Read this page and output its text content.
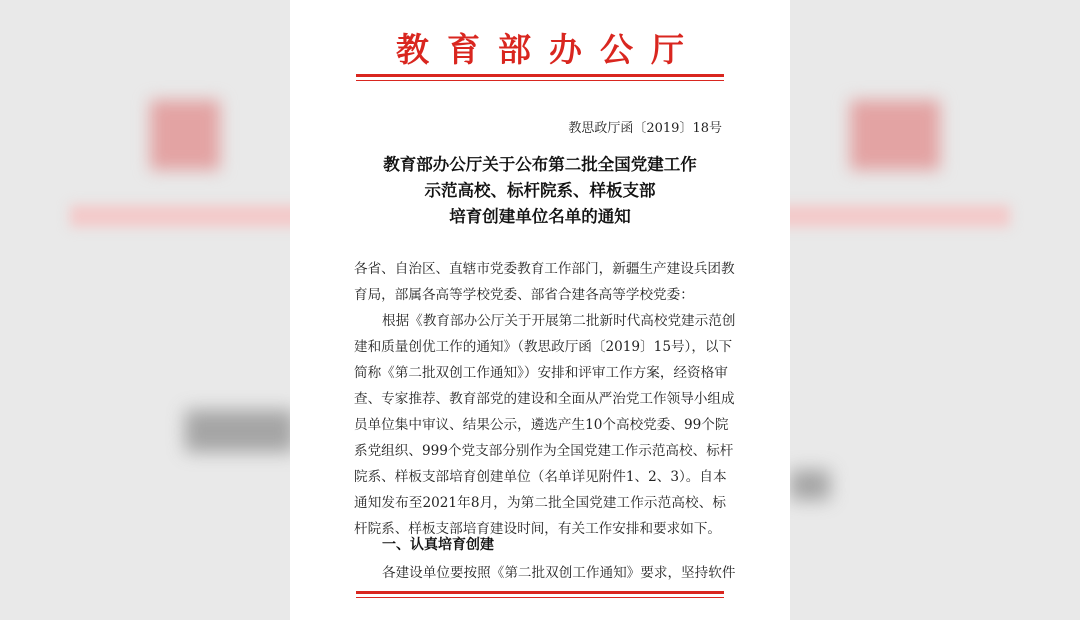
教育部办公厅
教思政厅函〔2019〕18号
教育部办公厅关于公布第二批全国党建工作
示范高校、标杆院系、样板支部
培育创建单位名单的通知
各省、自治区、直辖市党委教育工作部门，新疆生产建设兵团教
育局，部属各高等学校党委、部省合建各高等学校党委：
根据《教育部办公厅关于开展第二批新时代高校党建示范创
建和质量创优工作的通知》（教思政厅函〔2019〕15号），以下
简称《第二批双创工作通知》）安排和评审工作方案，经资格审
查、专家推荐、教育部党的建设和全面从严治党工作领导小组成
员单位集中审议、结果公示，遴选产生10个高校党委、99个院
系党组织、999个党支部分别作为全国党建工作示范高校、标杆
院系、样板支部培育创建单位（名单详见附件1、2、3）。自本
通知发布至2021年8月，为第二批全国党建工作示范高校、标
杆院系、样板支部培育建设时间，有关工作安排和要求如下。
一、认真培育创建
各建设单位要按照《第二批双创工作通知》要求，坚持软件
